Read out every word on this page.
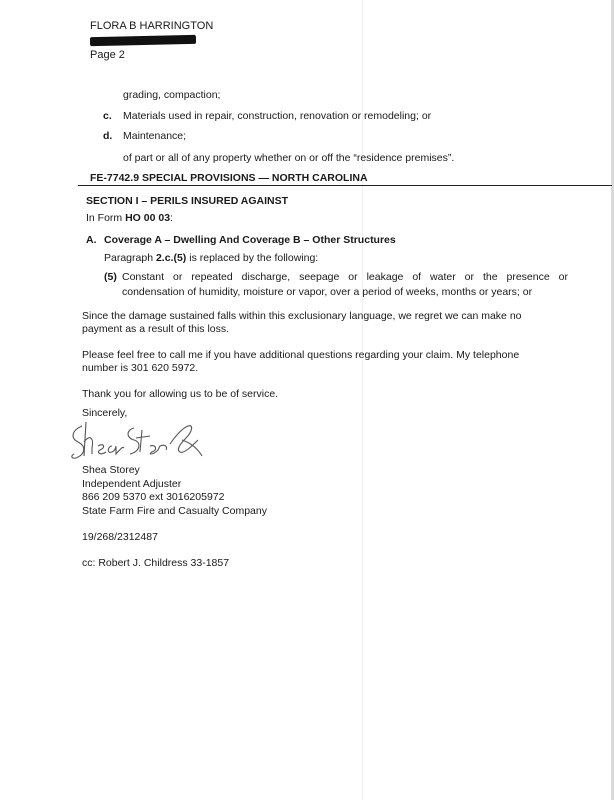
FLORA B HARRINGTON
Page 2
grading, compaction;
c. Materials used in repair, construction, renovation or remodeling; or
d. Maintenance;
of part or all of any property whether on or off the “residence premises”.
FE-7742.9 SPECIAL PROVISIONS — NORTH CAROLINA
SECTION I – PERILS INSURED AGAINST
In Form HO 00 03:
A. Coverage A – Dwelling And Coverage B – Other Structures
Paragraph 2.c.(5) is replaced by the following:
(5) Constant or repeated discharge, seepage or leakage of water or the presence or
condensation of humidity, moisture or vapor, over a period of weeks, months or years; or
Since the damage sustained falls within this exclusionary language, we regret we can make no
payment as a result of this loss.
Please feel free to call me if you have additional questions regarding your claim. My telephone
number is 301 620 5972.
Thank you for allowing us to be of service.
Sincerely,
Shea Storey
Independent Adjuster
866 209 5370 ext 3016205972
State Farm Fire and Casualty Company
19/268/2312487
cc: Robert J. Childress 33-1857
